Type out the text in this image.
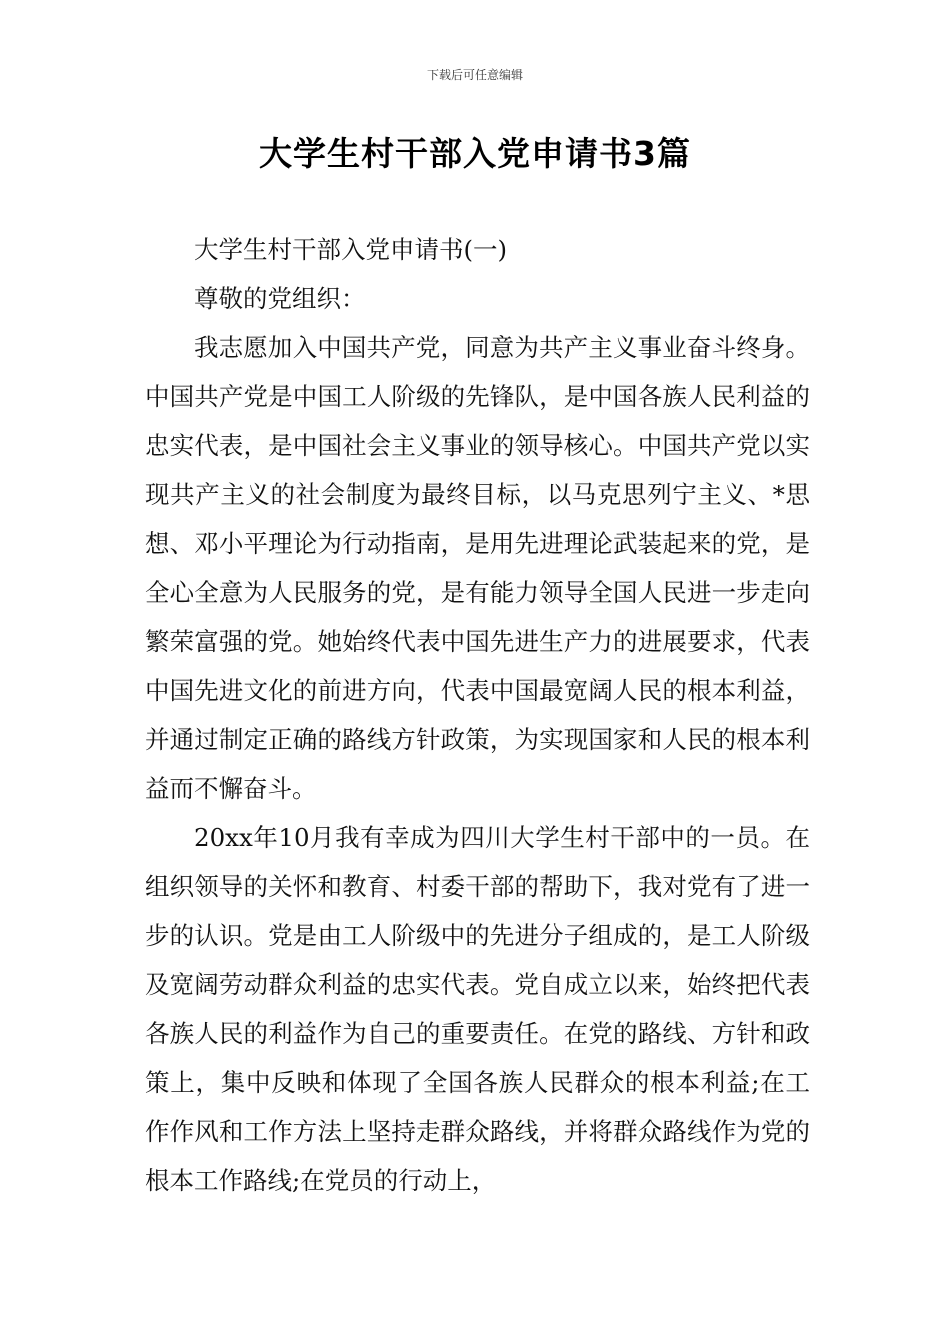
下载后可任意编辑
大学生村干部入党申请书3篇

大学生村干部入党申请书(一)

尊敬的党组织：

我志愿加入中国共产党，同意为共产主义事业奋斗终身。中国共产党是中国工人阶级的先锋队，是中国各族人民利益的忠实代表，是中国社会主义事业的领导核心。中国共产党以实现共产主义的社会制度为最终目标，以马克思列宁主义、*思想、邓小平理论为行动指南，是用先进理论武装起来的党，是全心全意为人民服务的党，是有能力领导全国人民进一步走向繁荣富强的党。她始终代表中国先进生产力的进展要求，代表中国先进文化的前进方向，代表中国最宽阔人民的根本利益，并通过制定正确的路线方针政策，为实现国家和人民的根本利益而不懈奋斗。

20xx年10月我有幸成为四川大学生村干部中的一员。在组织领导的关怀和教育、村委干部的帮助下，我对党有了进一步的认识。党是由工人阶级中的先进分子组成的，是工人阶级及宽阔劳动群众利益的忠实代表。党自成立以来，始终把代表各族人民的利益作为自己的重要责任。在党的路线、方针和政策上，集中反映和体现了全国各族人民群众的根本利益;在工作作风和工作方法上坚持走群众路线，并将群众路线作为党的根本工作路线;在党员的行动上，
